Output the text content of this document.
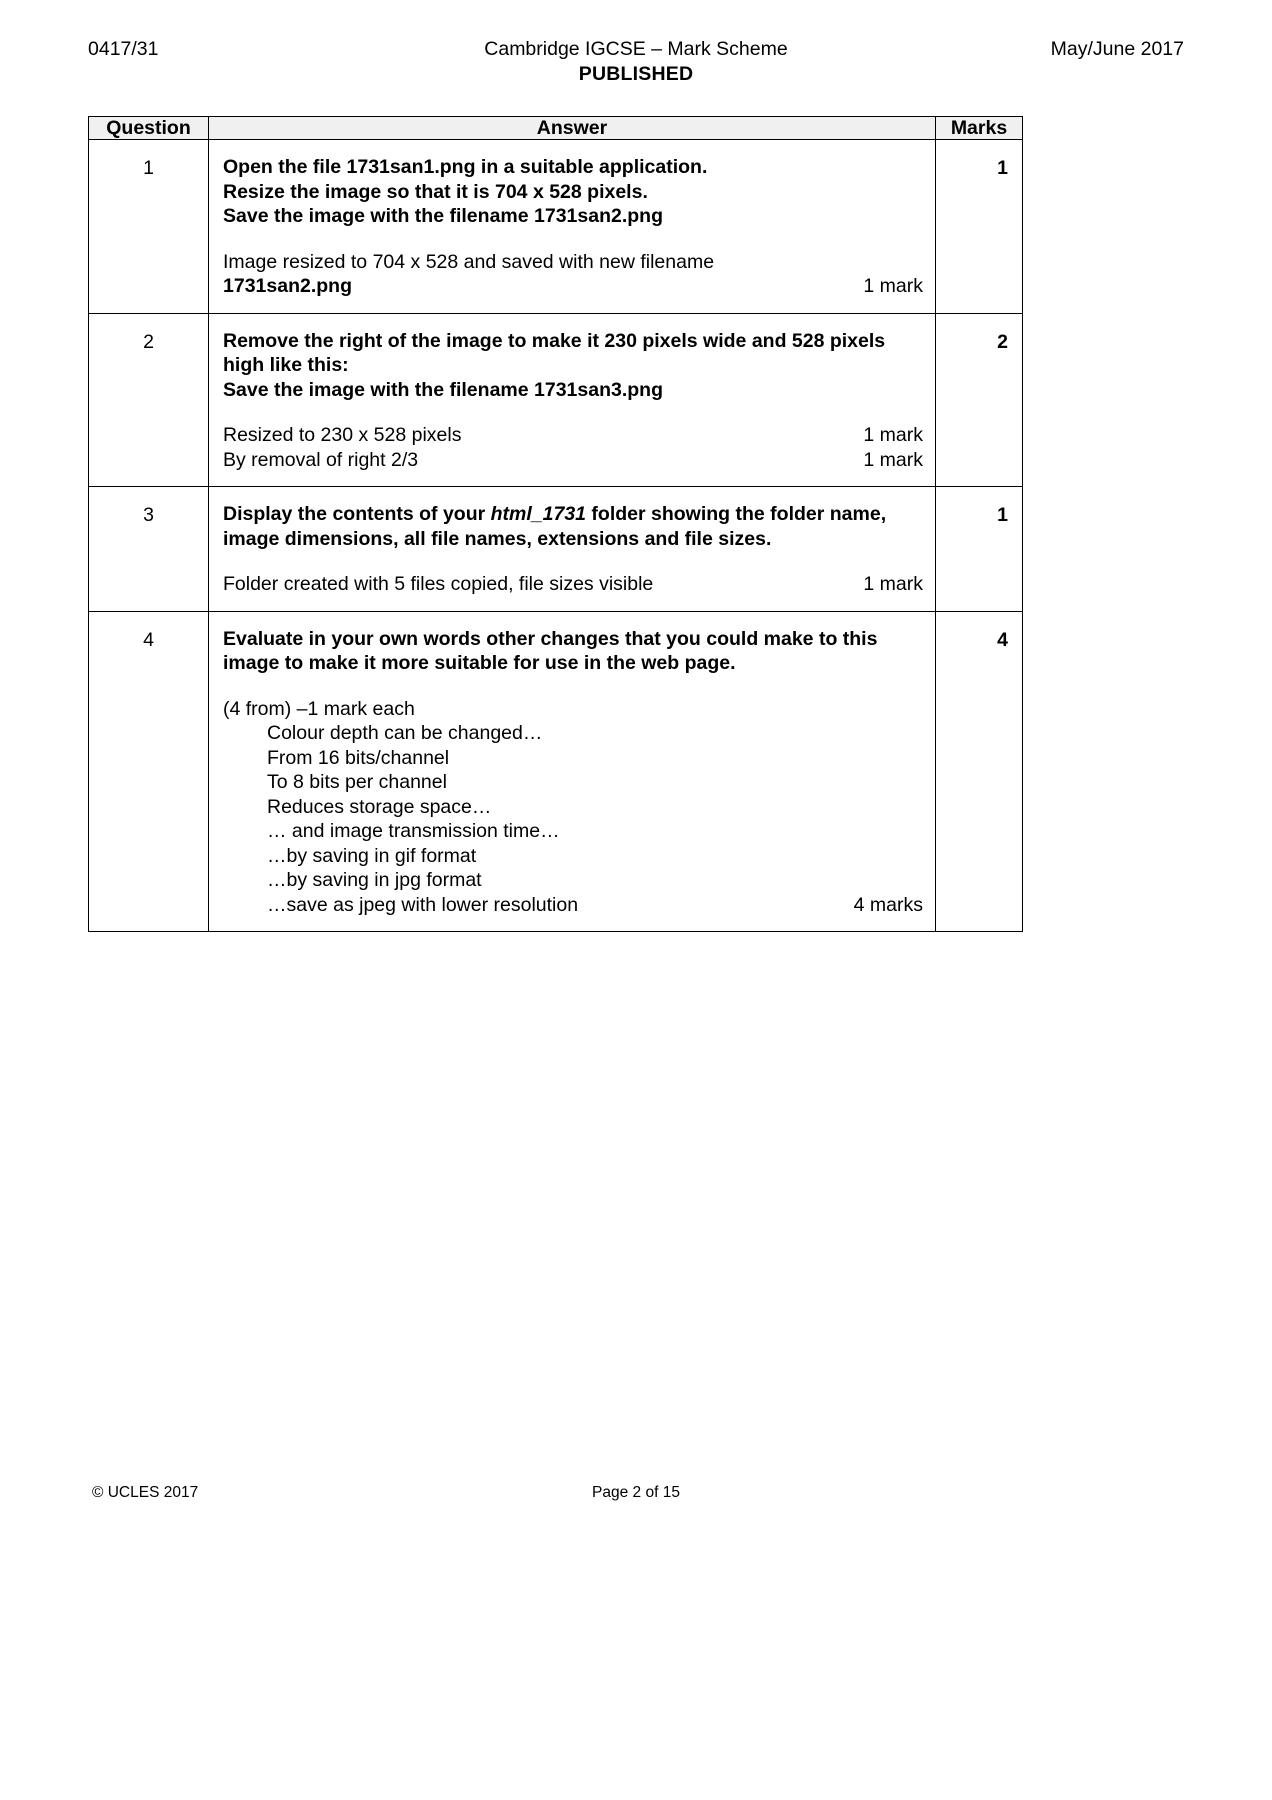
0417/31	Cambridge IGCSE – Mark Scheme	May/June 2017
PUBLISHED
Question	Answer	Marks
1	Open the file 1731san1.png in a suitable application.
Resize the image so that it is 704 x 528 pixels.
Save the image with the filename 1731san2.png
Image resized to 704 x 528 and saved with new filename
1731san2.png	1 mark
	1
2	Remove the right of the image to make it 230 pixels wide and 528 pixels high like this:
Save the image with the filename 1731san3.png
Resized to 230 x 528 pixels	1 mark
By removal of right 2/3	1 mark
	2
3	Display the contents of your html_1731 folder showing the folder name, image dimensions, all file names, extensions and file sizes.
Folder created with 5 files copied, file sizes visible 1 mark	1
4	Evaluate in your own words other changes that you could make to this image to make it more suitable for use in the web page.
(4 from) –1 mark each
Colour depth can be changed…
From 16 bits/channel
To 8 bits per channel
Reduces storage space…
… and image transmission time…
…by saving in gif format
…by saving in jpg format
…save as jpeg with lower resolution	4 marks
	4
© UCLES 2017	Page 2 of 15
